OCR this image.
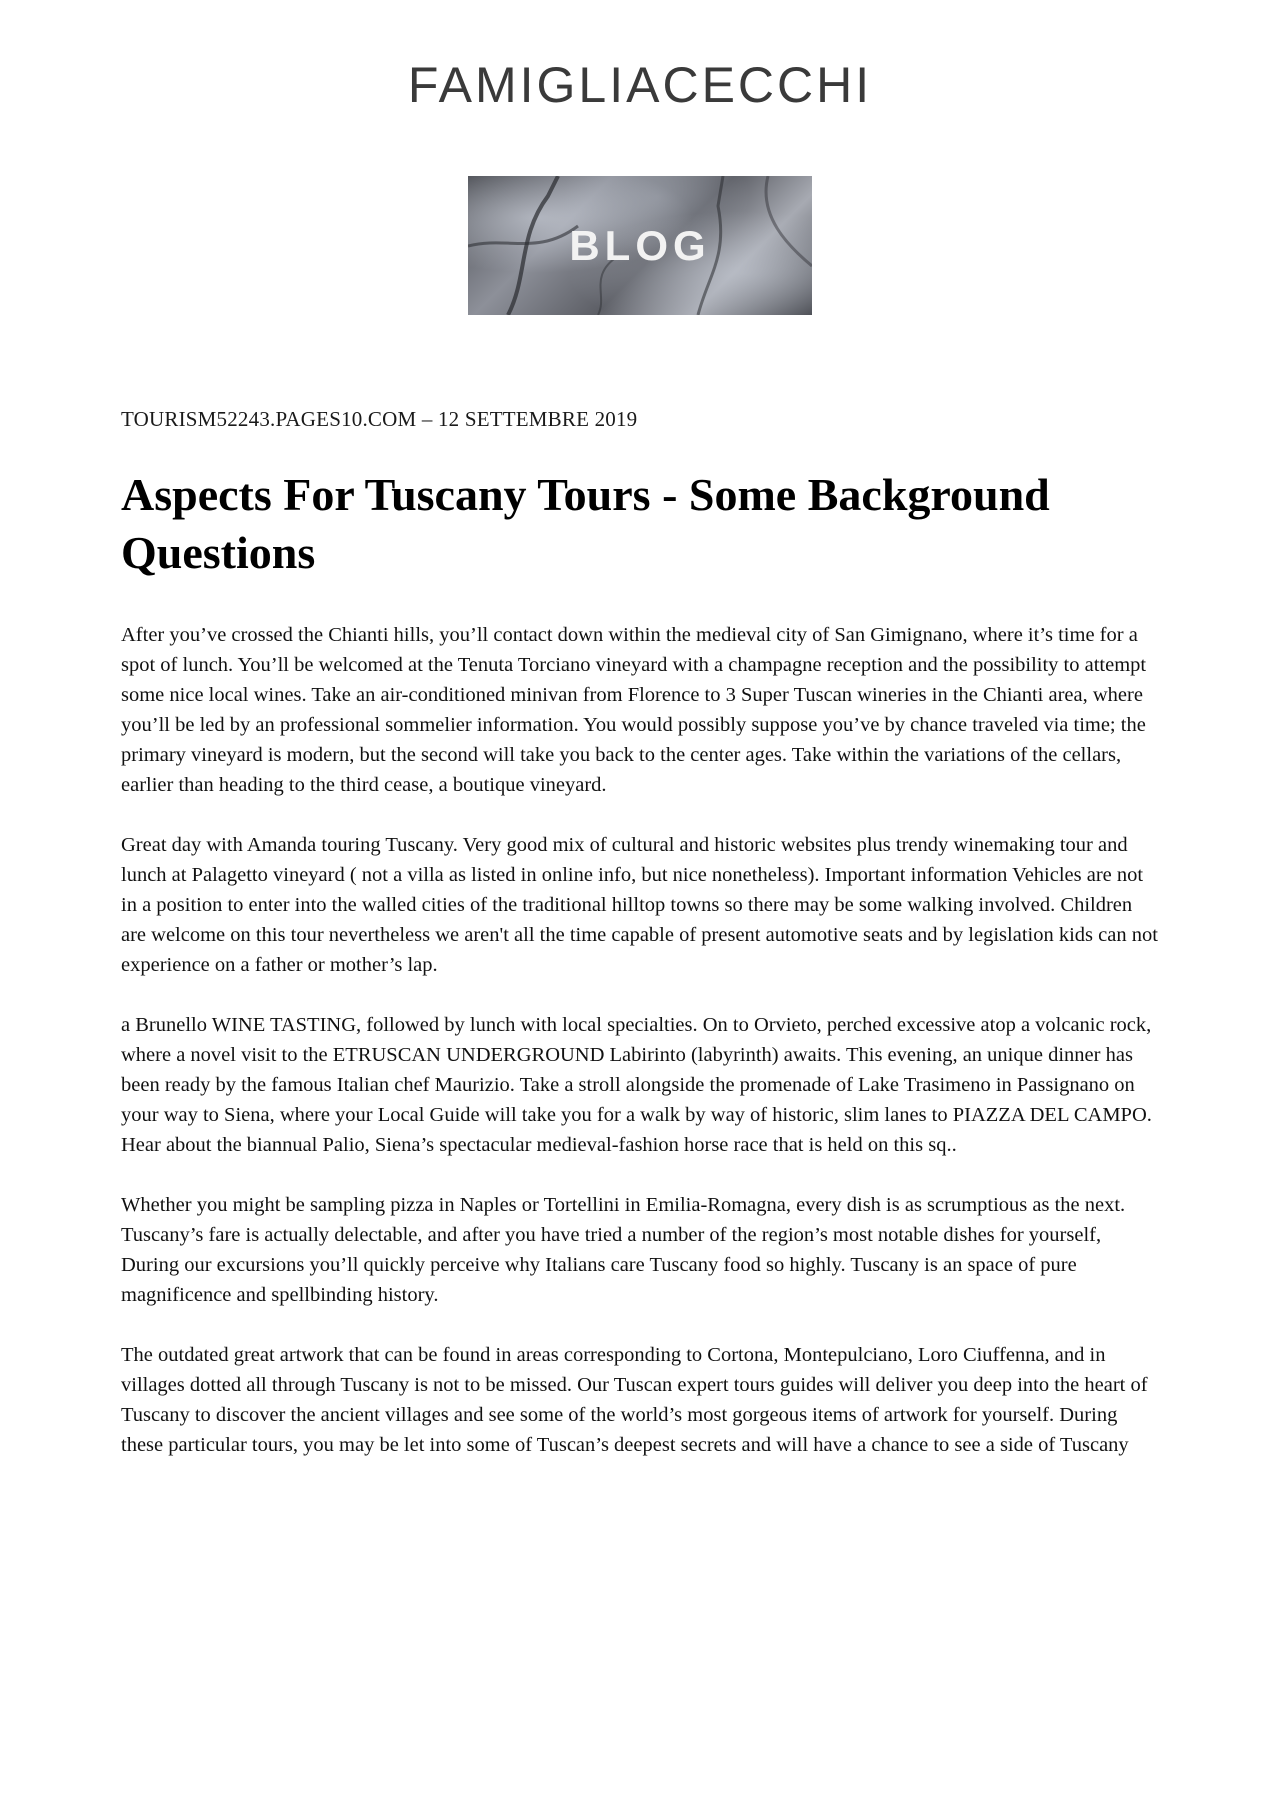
FAMIGLIACECCHI
BLOG
TOURISM52243.PAGES10.COM – 12 SETTEMBRE 2019
Aspects For Tuscany Tours - Some Background Questions

After you’ve crossed the Chianti hills, you’ll contact down within the medieval city of San Gimignano, where it’s time for a spot of lunch. You’ll be welcomed at the Tenuta Torciano vineyard with a champagne reception and the possibility to attempt some nice local wines. Take an air-conditioned minivan from Florence to 3 Super Tuscan wineries in the Chianti area, where you’ll be led by an professional sommelier information. You would possibly suppose you’ve by chance traveled via time; the primary vineyard is modern, but the second will take you back to the center ages. Take within the variations of the cellars, earlier than heading to the third cease, a boutique vineyard.

Great day with Amanda touring Tuscany. Very good mix of cultural and historic websites plus trendy winemaking tour and lunch at Palagetto vineyard ( not a villa as listed in online info, but nice nonetheless). Important information Vehicles are not in a position to enter into the walled cities of the traditional hilltop towns so there may be some walking involved. Children are welcome on this tour nevertheless we aren't all the time capable of present automotive seats and by legislation kids can not experience on a father or mother’s lap.

a Brunello WINE TASTING, followed by lunch with local specialties. On to Orvieto, perched excessive atop a volcanic rock, where a novel visit to the ETRUSCAN UNDERGROUND Labirinto (labyrinth) awaits. This evening, an unique dinner has been ready by the famous Italian chef Maurizio. Take a stroll alongside the promenade of Lake Trasimeno in Passignano on your way to Siena, where your Local Guide will take you for a walk by way of historic, slim lanes to PIAZZA DEL CAMPO. Hear about the biannual Palio, Siena’s spectacular medieval-fashion horse race that is held on this sq..

Whether you might be sampling pizza in Naples or Tortellini in Emilia-Romagna, every dish is as scrumptious as the next. Tuscany’s fare is actually delectable, and after you have tried a number of the region’s most notable dishes for yourself, During our excursions you’ll quickly perceive why Italians care Tuscany food so highly. Tuscany is an space of pure magnificence and spellbinding history.

The outdated great artwork that can be found in areas corresponding to Cortona, Montepulciano, Loro Ciuffenna, and in villages dotted all through Tuscany is not to be missed. Our Tuscan expert tours guides will deliver you deep into the heart of Tuscany to discover the ancient villages and see some of the world’s most gorgeous items of artwork for yourself. During these particular tours, you may be let into some of Tuscan’s deepest secrets and will have a chance to see a side of Tuscany
